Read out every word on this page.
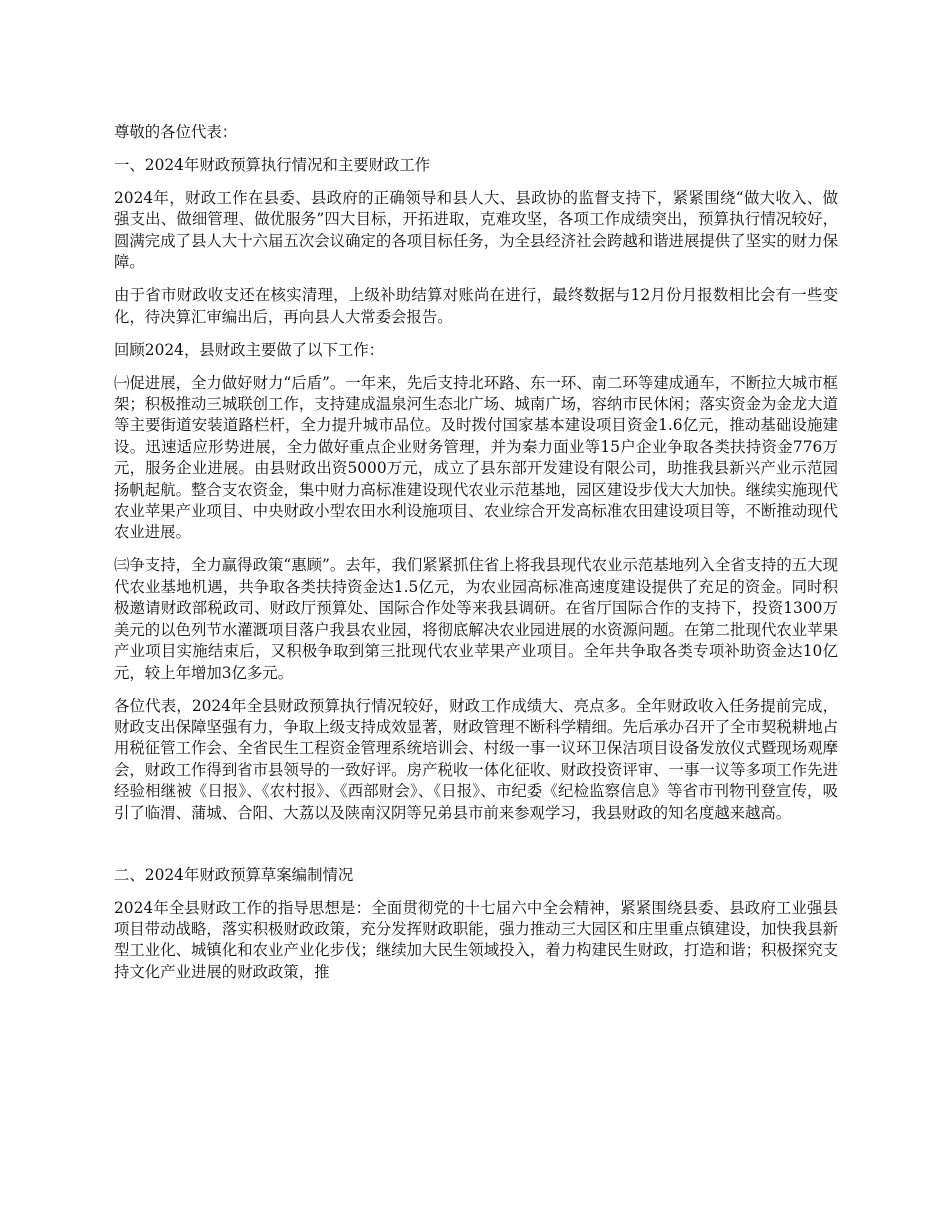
尊敬的各位代表：

一、2024年财政预算执行情况和主要财政工作

2024年，财政工作在县委、县政府的正确领导和县人大、县政协的监督支持下，紧紧围绕“做大收入、做强支出、做细管理、做优服务”四大目标，开拓进取，克难攻坚，各项工作成绩突出，预算执行情况较好，圆满完成了县人大十六届五次会议确定的各项目标任务，为全县经济社会跨越和谐进展提供了坚实的财力保障。

由于省市财政收支还在核实清理，上级补助结算对账尚在进行，最终数据与12月份月报数相比会有一些变化，待决算汇审编出后，再向县人大常委会报告。

回顾2024，县财政主要做了以下工作：

㈠促进展，全力做好财力“后盾”。一年来，先后支持北环路、东一环、南二环等建成通车，不断拉大城市框架；积极推动三城联创工作，支持建成温泉河生态北广场、城南广场，容纳市民休闲；落实资金为金龙大道等主要街道安装道路栏杆，全力提升城市品位。及时拨付国家基本建设项目资金1.6亿元，推动基础设施建设。迅速适应形势进展，全力做好重点企业财务管理，并为秦力面业等15户企业争取各类扶持资金776万元，服务企业进展。由县财政出资5000万元，成立了县东部开发建设有限公司，助推我县新兴产业示范园扬帆起航。整合支农资金，集中财力高标准建设现代农业示范基地，园区建设步伐大大加快。继续实施现代农业苹果产业项目、中央财政小型农田水利设施项目、农业综合开发高标准农田建设项目等，不断推动现代农业进展。

㈢争支持，全力赢得政策“惠顾”。去年，我们紧紧抓住省上将我县现代农业示范基地列入全省支持的五大现代农业基地机遇，共争取各类扶持资金达1.5亿元，为农业园高标准高速度建设提供了充足的资金。同时积极邀请财政部税政司、财政厅预算处、国际合作处等来我县调研。在省厅国际合作的支持下，投资1300万美元的以色列节水灌溉项目落户我县农业园，将彻底解决农业园进展的水资源问题。在第二批现代农业苹果产业项目实施结束后，又积极争取到第三批现代农业苹果产业项目。全年共争取各类专项补助资金达10亿元，较上年增加3亿多元。

各位代表，2024年全县财政预算执行情况较好，财政工作成绩大、亮点多。全年财政收入任务提前完成，财政支出保障坚强有力，争取上级支持成效显著，财政管理不断科学精细。先后承办召开了全市契税耕地占用税征管工作会、全省民生工程资金管理系统培训会、村级一事一议环卫保洁项目设备发放仪式暨现场观摩会，财政工作得到省市县领导的一致好评。房产税收一体化征收、财政投资评审、一事一议等多项工作先进经验相继被《日报》、《农村报》、《西部财会》、《日报》、市纪委《纪检监察信息》等省市刊物刊登宣传，吸引了临渭、蒲城、合阳、大荔以及陕南汉阴等兄弟县市前来参观学习，我县财政的知名度越来越高。

二、2024年财政预算草案编制情况

2024年全县财政工作的指导思想是：全面贯彻党的十七届六中全会精神，紧紧围绕县委、县政府工业强县项目带动战略，落实积极财政政策，充分发挥财政职能，强力推动三大园区和庄里重点镇建设，加快我县新型工业化、城镇化和农业产业化步伐；继续加大民生领域投入，着力构建民生财政，打造和谐；积极探究支持文化产业进展的财政政策，推
